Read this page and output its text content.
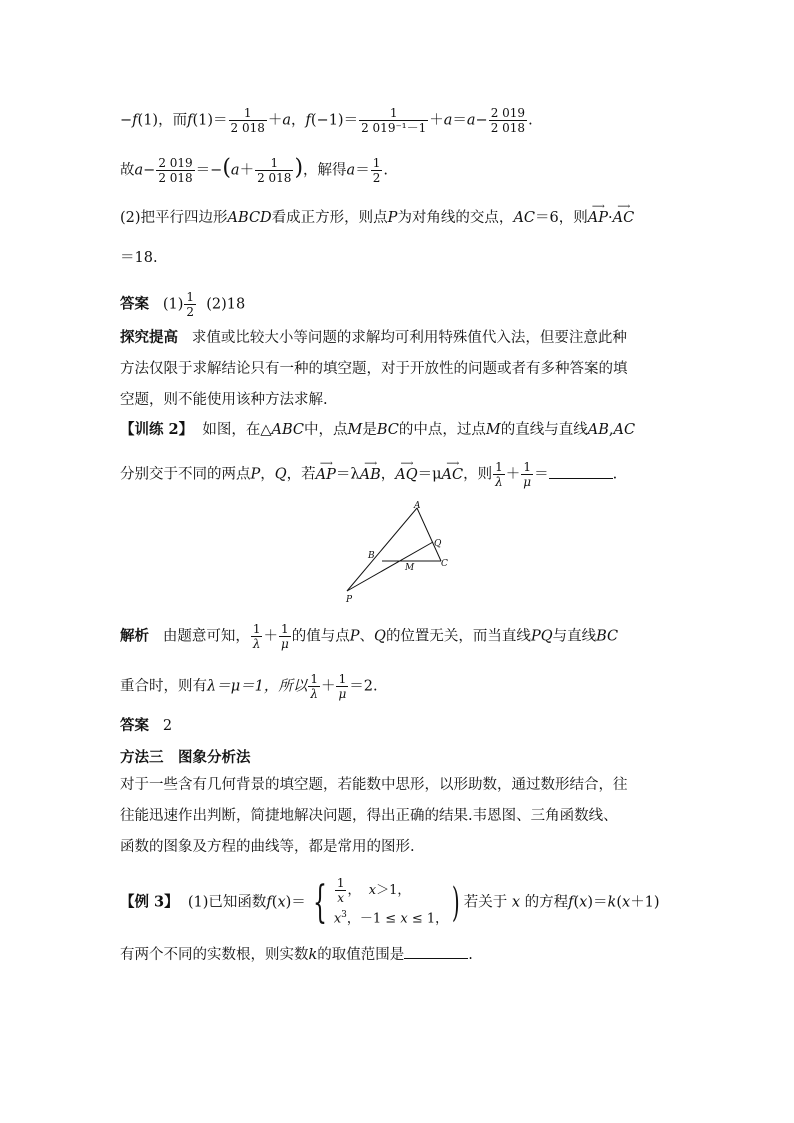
−f(1)，而$f(1)= \frac{1}{2 018} +a$，$f(-1)= \frac{1}{\text{2 019⁻¹－1}} +a=a- \frac{2 019}{2 018}$ .
故$a- \frac{2 019}{2 018} =-(a+ \frac{1}{2 018}$ )，解得$a= \frac{1}{2}$ .
(2)把平行四边形ABCD看成正方形，则点P为对角线的交点，AC＝6，则⟶ AP·⟶ AC
＝18.
答案 $(1) \frac{1}{2} (2)18$
探究提高 求值或比较大小等问题的求解均可利用特殊值代入法，但要注意此种
方法仅限于求解结论只有一种的填空题，对于开放性的问题或者有多种答案的填
空题，则不能使用该种方法求解.
【训练 2】 如图，在△ABC中，点M是BC的中点，过点M的直线与直线AB,AC
分别交于不同的两点P，Q，若⟶ AP＝λ⟶ AB，⟶ AQ＝μ⟶ AC，则 $\frac{1}{\lambda} + \frac{1}{\mu}$ ＝	.
A
B
C
M
Q
P
解析 由题意可知， $\frac{1}{\lambda} + \frac{1}{\mu}$ 的值与点P、Q的位置无关，而当直线PQ与直线BC
重合时，则有λ＝μ＝1，所以 $\frac{1}{\lambda} + \frac{1}{\mu} =2$.
答案 2
方法三　图象分析法
对于一些含有几何背景的填空题，若能数中思形，以形助数，通过数形结合，往
往能迅速作出判断，简捷地解决问题，得出正确的结果.韦恩图、三角函数线、
函数的图象及方程的曲线等，都是常用的图形.
【例 3】 (1)已知函数f(x)＝ { $\frac{1}{x}$ ， x＞1，
$x^3$，－1 ≤ x ≤ 1， ) 若关于 x 的方程f(x)＝k(x＋1)
有两个不同的实数根，则实数k的取值范围是	.
